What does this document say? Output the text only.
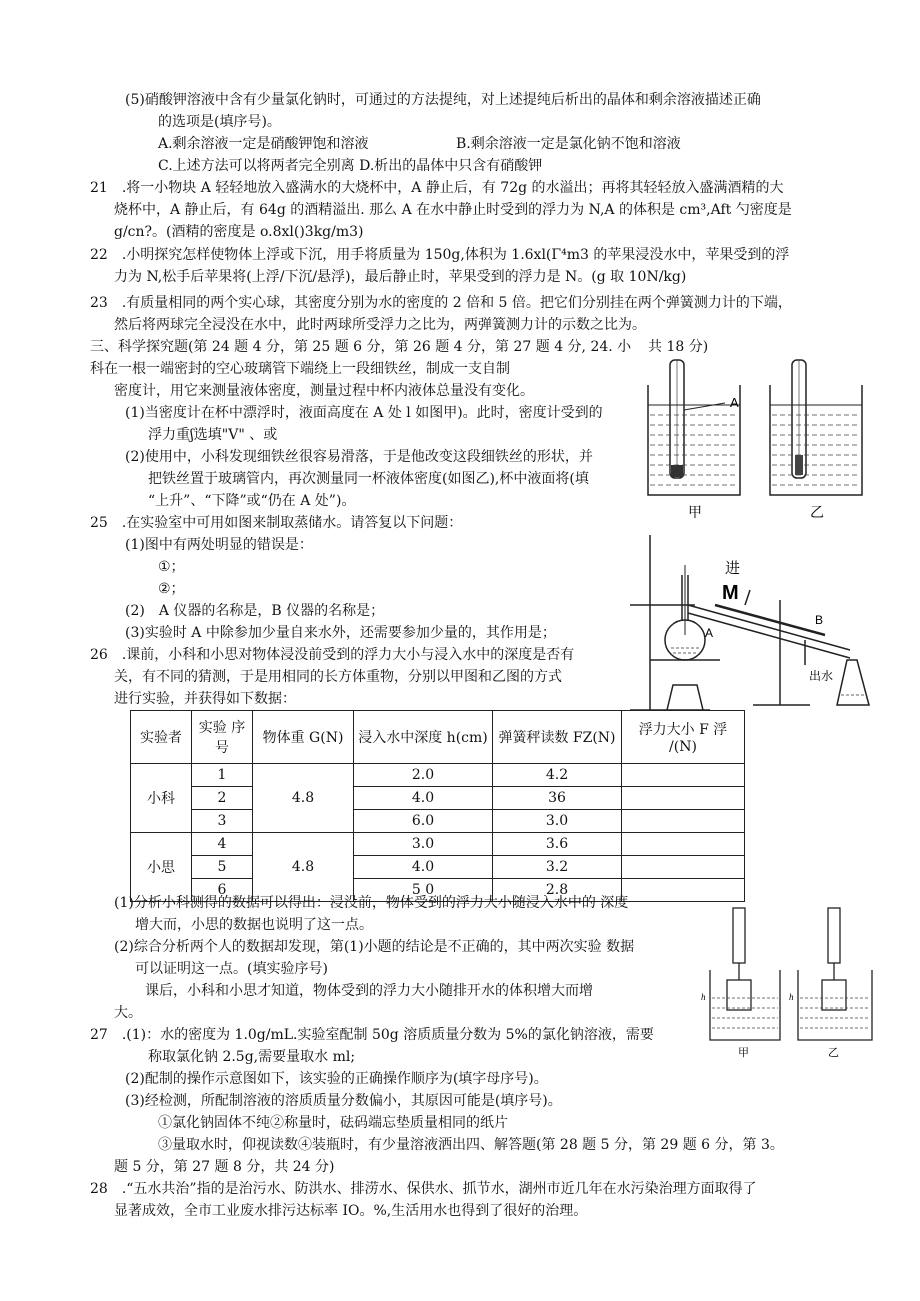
(5)硝酸钾溶液中含有少量氯化钠时，可通过的方法提纯，对上述提纯后析出的晶体和剩余溶液描述正确
的选项是(填序号)。
A.剩余溶液一定是硝酸钾饱和溶液	B.剩余溶液一定是氯化钠不饱和溶液
C.上述方法可以将两者完全别离 D.析出的晶体中只含有硝酸钾
21　.将一小物块 A 轻轻地放入盛满水的大烧杯中，A 静止后，有 72g 的水溢出；再将其轻轻放入盛满酒精的大
烧杯中，A 静止后，有 64g 的酒精溢出. 那么 A 在水中静止时受到的浮力为 N,A 的体积是 cm³,Aft 勺密度是
g/cn?。(酒精的密度是 o.8xl()3kg/m3)
22　.小明探究怎样使物体上浮或下沉，用手将质量为 150g,体积为 1.6xl(Γ⁴m3 的苹果浸没水中，苹果受到的浮
力为 N,松手后苹果将(上浮/下沉/悬浮)，最后静止时，苹果受到的浮力是 N。(g 取 10N/kg)
23　.有质量相同的两个实心球，其密度分别为水的密度的 2 倍和 5 倍。把它们分别挂在两个弹簧测力计的下端，
然后将两球完全浸没在水中，此时两球所受浮力之比为，两弹簧测力计的示数之比为。
三、科学探究题(第 24 题 4 分，第 25 题 6 分，第 26 题 4 分，第 27 题 4 分, 24. 小 共 18 分)
科在一根一端密封的空心玻璃管下端绕上一段细铁丝，制成一支自制
密度计，用它来测量液体密度，测量过程中杯内液体总量没有变化。
(1)当密度计在杯中漂浮时，液面高度在 A 处 l 如图甲)。此时，密度计受到的
浮力重ʃ选填"V" 、或
(2)使用中，小科发现细铁丝很容易滑落，于是他改变这段细铁丝的形状，并
把铁丝置于玻璃管内，再次测量同一杯液体密度(如图乙),杯中液面将(填
“上升”、“下降”或“仍在 A 处”)。
25　.在实验室中可用如图来制取蒸储水。请答复以下问题：
(1)图中有两处明显的错误是：
①；
②；
(2)　A 仪器的名称是，B 仪器的名称是；
(3)实验时 A 中除参加少量自来水外，还需要参加少量的，其作用是；
26　.课前，小科和小思对物体浸没前受到的浮力大小与浸入水中的深度是否有
关，有不同的猜测，于是用相同的长方体重物，分别以甲图和乙图的方式
进行实验，并获得如下数据：
实验者	实验 序
号	物体重 G(N)	浸入水中深度 h(cm)	弹簧秤读数 FZ(N)	浮力大小 F 浮
/(N)
小科	1	4.8	2.0	4.2	
	2		4.0	36	
	3		6.0	3.0	
小思	4	4.8	3.0	3.6	
	5		4.0	3.2	
	6		5 0	2.8	
(1)分析小科测得的数据可以得出：浸没前，物体受到的浮力大小随浸入水中的 深度
增大而，小思的数据也说明了这一点。
(2)综合分析两个人的数据却发现，第(1)小题的结论是不正确的，其中两次实验 数据
可以证明这一点。(填实验序号)
课后，小科和小思才知道，物体受到的浮力大小随排开水的体积增大而增
大。
27　.(1)：水的密度为 1.0g/mL.实验室配制 50g 溶质质量分数为 5%的氯化钠溶液，需要
称取氯化钠 2.5g,需要量取水 ml;
(2)配制的操作示意图如下，该实验的正确操作顺序为(填字母序号)。
(3)经检测，所配制溶液的溶质质量分数偏小，其原因可能是(填序号)。
①氯化钠固体不纯②称量时，砝码端忘垫质量相同的纸片
③量取水时，仰视读数④装瓶时，有少量溶液洒出四、解答题(第 28 题 5 分，第 29 题 6 分，第 3。
题 5 分，第 27 题 8 分，共 24 分)
28　.“五水共治”指的是治污水、防洪水、排涝水、保供水、抓节水，湖州市近几年在水污染治理方面取得了
显著成效，全市工业废水排污达标率 IO。%,生活用水也得到了很好的治理。
A
甲	乙
进
M
A
B
出水
h	h
甲	乙
